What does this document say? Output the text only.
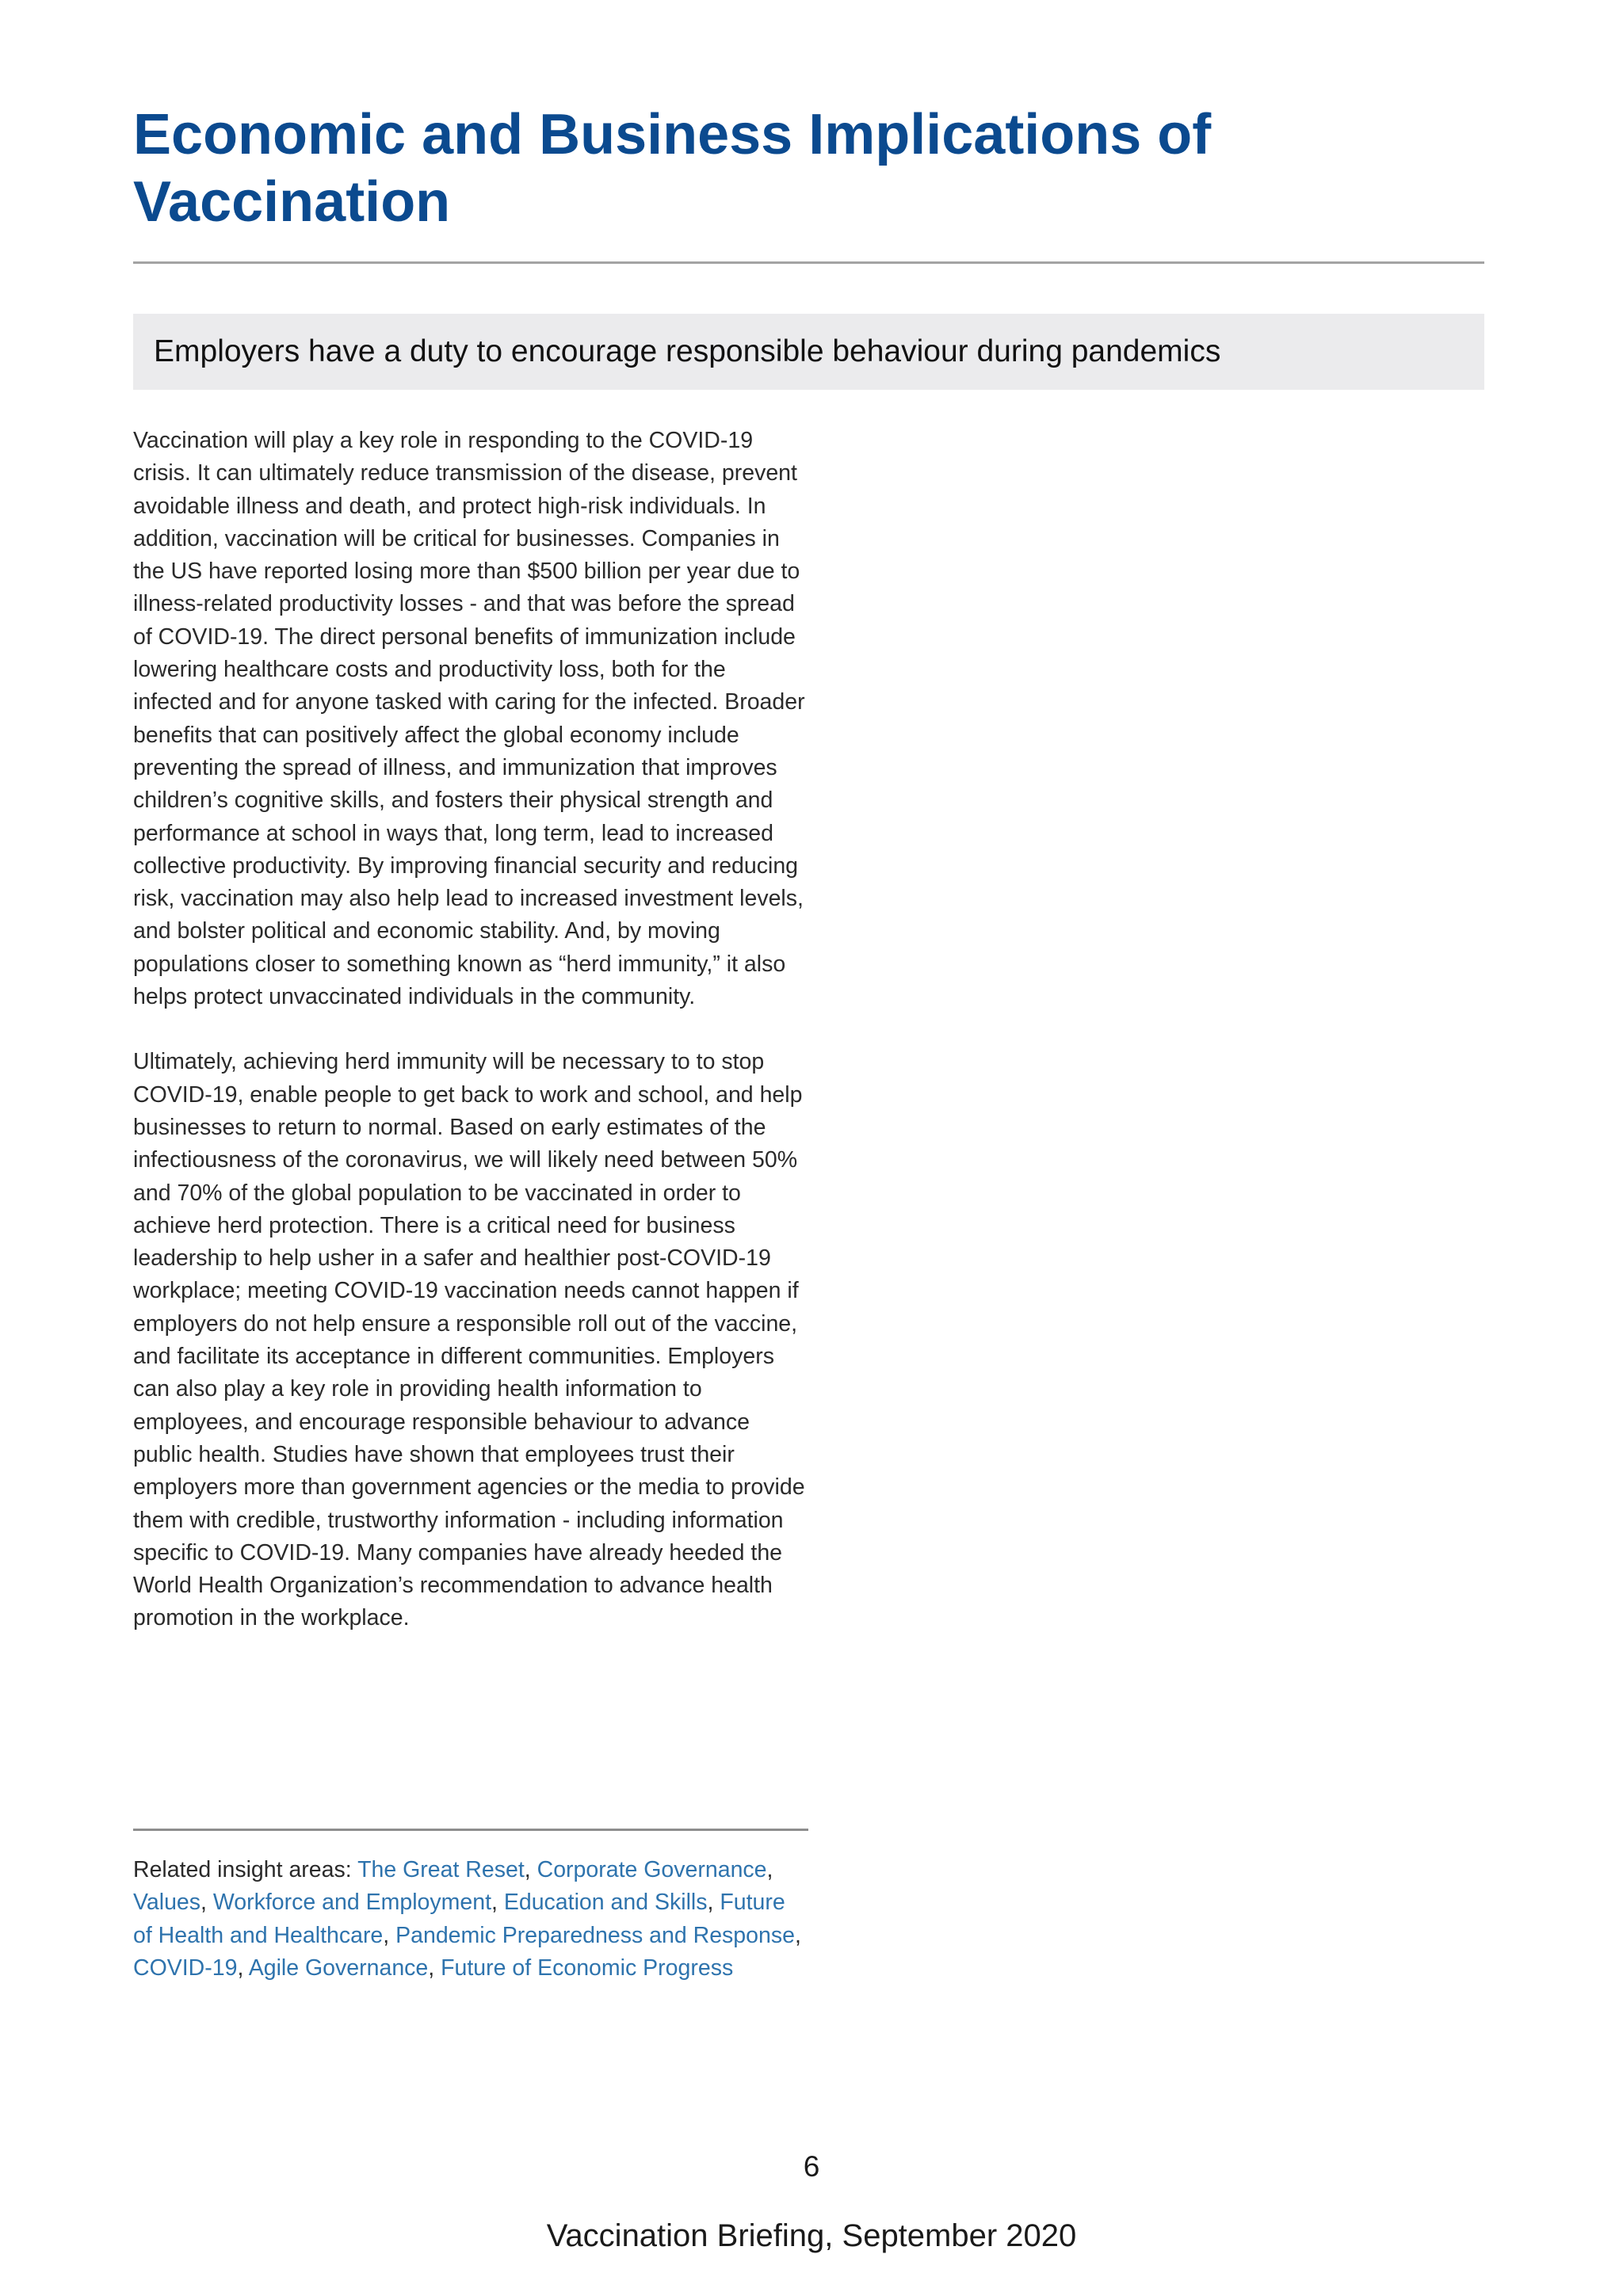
Economic and Business Implications of Vaccination
Employers have a duty to encourage responsible behaviour during pandemics

Vaccination will play a key role in responding to the COVID-19 crisis. It can ultimately reduce transmission of the disease, prevent avoidable illness and death, and protect high-risk individuals. In addition, vaccination will be critical for businesses. Companies in the US have reported losing more than $500 billion per year due to illness-related productivity losses - and that was before the spread of COVID-19. The direct personal benefits of immunization include lowering healthcare costs and productivity loss, both for the infected and for anyone tasked with caring for the infected. Broader benefits that can positively affect the global economy include preventing the spread of illness, and immunization that improves children’s cognitive skills, and fosters their physical strength and performance at school in ways that, long term, lead to increased collective productivity. By improving financial security and reducing risk, vaccination may also help lead to increased investment levels, and bolster political and economic stability. And, by moving populations closer to something known as “herd immunity,” it also helps protect unvaccinated individuals in the community.

Ultimately, achieving herd immunity will be necessary to to stop COVID-19, enable people to get back to work and school, and help businesses to return to normal. Based on early estimates of the infectiousness of the coronavirus, we will likely need between 50% and 70% of the global population to be vaccinated in order to achieve herd protection. There is a critical need for business leadership to help usher in a safer and healthier post-COVID-19 workplace; meeting COVID-19 vaccination needs cannot happen if employers do not help ensure a responsible roll out of the vaccine, and facilitate its acceptance in different communities. Employers can also play a key role in providing health information to employees, and encourage responsible behaviour to advance public health. Studies have shown that employees trust their employers more than government agencies or the media to provide them with credible, trustworthy information - including information specific to COVID-19. Many companies have already heeded the World Health Organization’s recommendation to advance health promotion in the workplace.

Related insight areas: The Great Reset, Corporate Governance, Values, Workforce and Employment, Education and Skills, Future of Health and Healthcare, Pandemic Preparedness and Response, COVID-19, Agile Governance, Future of Economic Progress

6
Vaccination Briefing, September 2020
